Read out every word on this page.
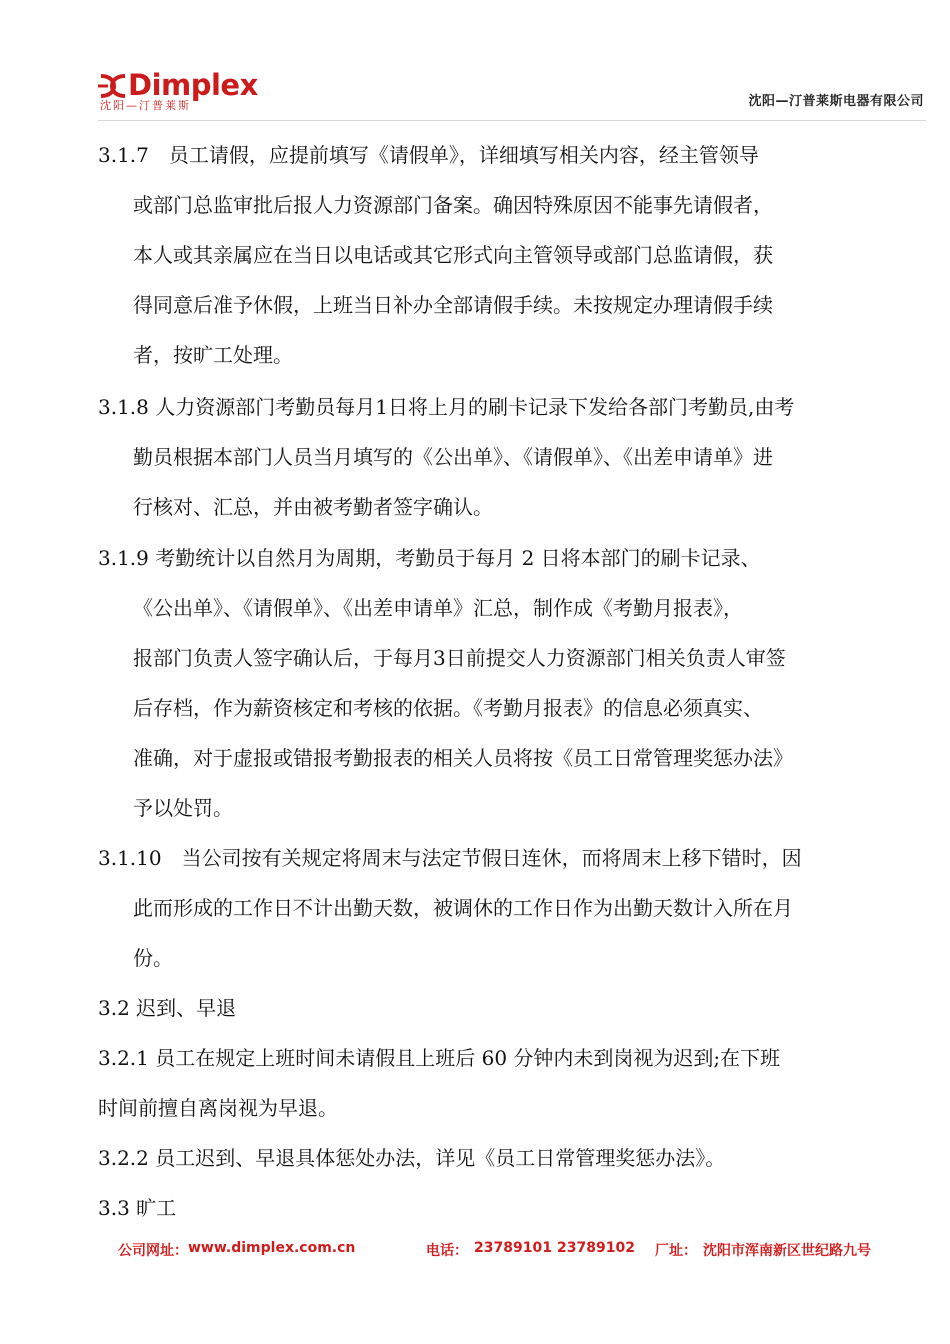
Dimplex
沈阳—汀普莱斯	沈阳—汀普莱斯电器有限公司
3.1.7　员工请假，应提前填写《请假单》，详细填写相关内容，经主管领导
或部门总监审批后报人力资源部门备案。确因特殊原因不能事先请假者，
本人或其亲属应在当日以电话或其它形式向主管领导或部门总监请假，获
得同意后准予休假，上班当日补办全部请假手续。未按规定办理请假手续
者，按旷工处理。
3.1.8 人力资源部门考勤员每月1日将上月的刷卡记录下发给各部门考勤员,由考
勤员根据本部门人员当月填写的《公出单》、《请假单》、《出差申请单》进
行核对、汇总，并由被考勤者签字确认。
3.1.9 考勤统计以自然月为周期，考勤员于每月 2 日将本部门的刷卡记录、
《公出单》、《请假单》、《出差申请单》汇总，制作成《考勤月报表》，
报部门负责人签字确认后，于每月3日前提交人力资源部门相关负责人审签
后存档，作为薪资核定和考核的依据。《考勤月报表》的信息必须真实、
准确，对于虚报或错报考勤报表的相关人员将按《员工日常管理奖惩办法》
予以处罚。
3.1.10　当公司按有关规定将周末与法定节假日连休，而将周末上移下错时，因
此而形成的工作日不计出勤天数，被调休的工作日作为出勤天数计入所在月
份。
3.2 迟到、早退
3.2.1 员工在规定上班时间未请假且上班后 60 分钟内未到岗视为迟到;在下班
时间前擅自离岗视为早退。
3.2.2 员工迟到、早退具体惩处办法，详见《员工日常管理奖惩办法》。
3.3 旷工
公司网址： www.dimplex.com.cn	电话： 23789101 23789102 厂址： 沈阳市浑南新区世纪路九号
